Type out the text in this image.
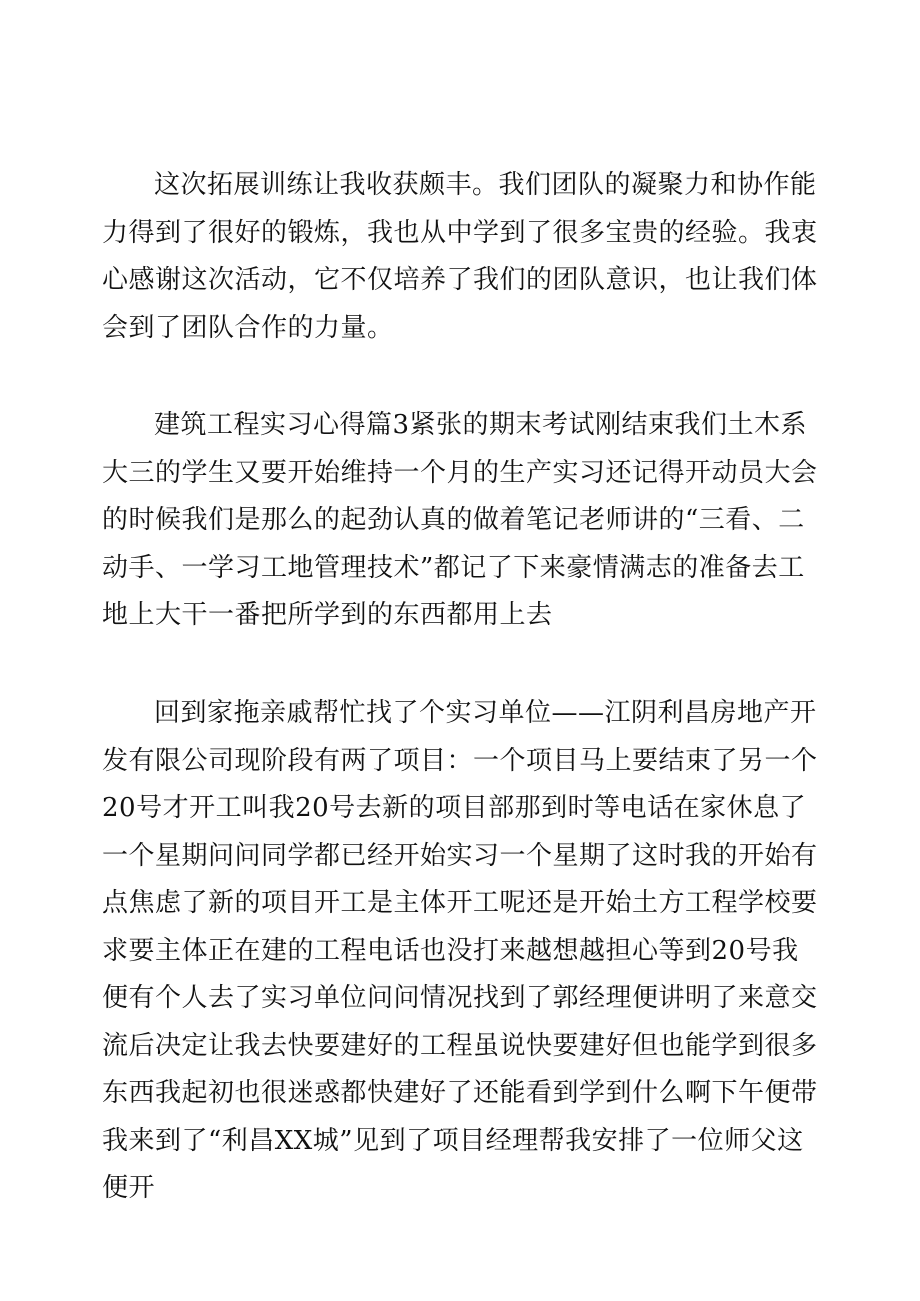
这次拓展训练让我收获颇丰。我们团队的凝聚力和协作能力得到了很好的锻炼，我也从中学到了很多宝贵的经验。我衷心感谢这次活动，它不仅培养了我们的团队意识，也让我们体会到了团队合作的力量。

建筑工程实习心得篇3紧张的期末考试刚结束我们土木系大三的学生又要开始维持一个月的生产实习还记得开动员大会的时候我们是那么的起劲认真的做着笔记老师讲的“三看、二动手、一学习工地管理技术”都记了下来豪情满志的准备去工地上大干一番把所学到的东西都用上去

回到家拖亲戚帮忙找了个实习单位——江阴利昌房地产开发有限公司现阶段有两了项目：一个项目马上要结束了另一个20号才开工叫我20号去新的项目部那到时等电话在家休息了一个星期问问同学都已经开始实习一个星期了这时我的开始有点焦虑了新的项目开工是主体开工呢还是开始土方工程学校要求要主体正在建的工程电话也没打来越想越担心等到20号我便有个人去了实习单位问问情况找到了郭经理便讲明了来意交流后决定让我去快要建好的工程虽说快要建好但也能学到很多东西我起初也很迷惑都快建好了还能看到学到什么啊下午便带我来到了“利昌XX城”见到了项目经理帮我安排了一位师父这便开
